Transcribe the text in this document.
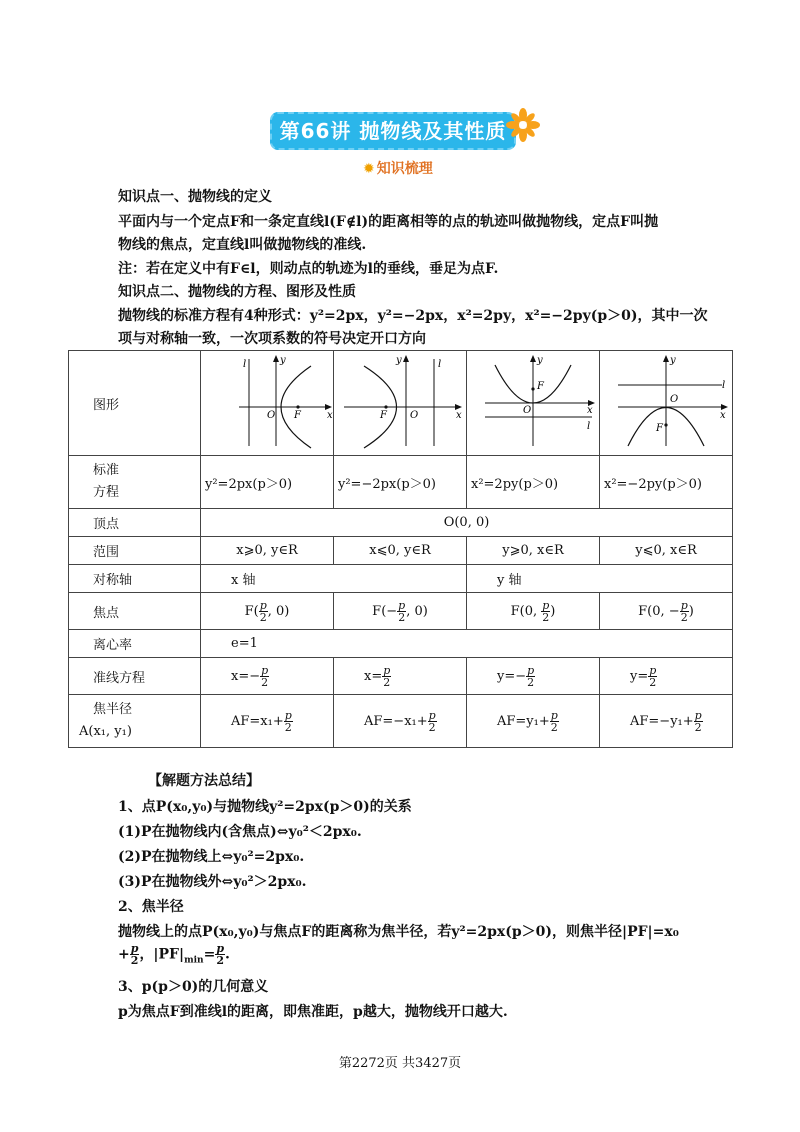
第66讲 抛物线及其性质
✹ 知识梳理
知识点一、抛物线的定义
平面内与一个定点F和一条定直线l(F∉l)的距离相等的点的轨迹叫做抛物线，定点F叫抛
物线的焦点，定直线l叫做抛物线的准线.
注：若在定义中有F∈l，则动点的轨迹为l的垂线，垂足为点F.
知识点二、抛物线的方程、图形及性质
抛物线的标准方程有4种形式：y²=2px，y²=−2px，x²=2py，x²=−2py(p＞0)，其中一次
项与对称轴一致，一次项系数的符号决定开口方向
图形	l y
x
O F	l
y
x
O
F	y
x
O
F
l	y
x
O
F
l

标准
方程	y²=2px(p＞0)	y²=−2px(p＞0)	x²=2py(p＞0)	x²=−2py(p＞0)
顶点	O(0, 0)			
范围	x⩾0, y∈R	x⩽0, y∈R	y⩾0, x∈R	y⩽0, x∈R
对称轴	x 轴		y 轴	
焦点	$F( \frac{p}{2}$ , 0)	$F(- \frac{p}{2}$ , 0)	F(0, $\frac{p}{2}$ )	F(0, − $\frac{p}{2}$ )
离心率	e=1			
准线方程	$x=- \frac{p}{2}$	$x= \frac{p}{2}$	$y=- \frac{p}{2}$	$y= \frac{p}{2}$

焦半径
A(x₁, y₁)	$AF=x_1+ \frac{p}{2}$	$AF=-x_1+ \frac{p}{2}$	$AF=y_1+ \frac{p}{2}$	$AF=-y_1+ \frac{p}{2}$
【解题方法总结】
1、点P(x₀,y₀)与抛物线y²=2px(p＞0)的关系
(1)P在抛物线内(含焦点)⇔y₀²＜2px₀.
(2)P在抛物线上⇔y₀²=2px₀.
(3)P在抛物线外⇔y₀²＞2px₀.
2、焦半径
抛物线上的点P(x₀,y₀)与焦点F的距离称为焦半径，若y²=2px(p＞0)，则焦半径|PF|=x₀
+ $\frac{p}{2}$ ，$|PF|_{min}= \frac{p}{2}$ .
3、p(p＞0)的几何意义
p为焦点F到准线l的距离，即焦准距，p越大，抛物线开口越大.
第2272页 共3427页
